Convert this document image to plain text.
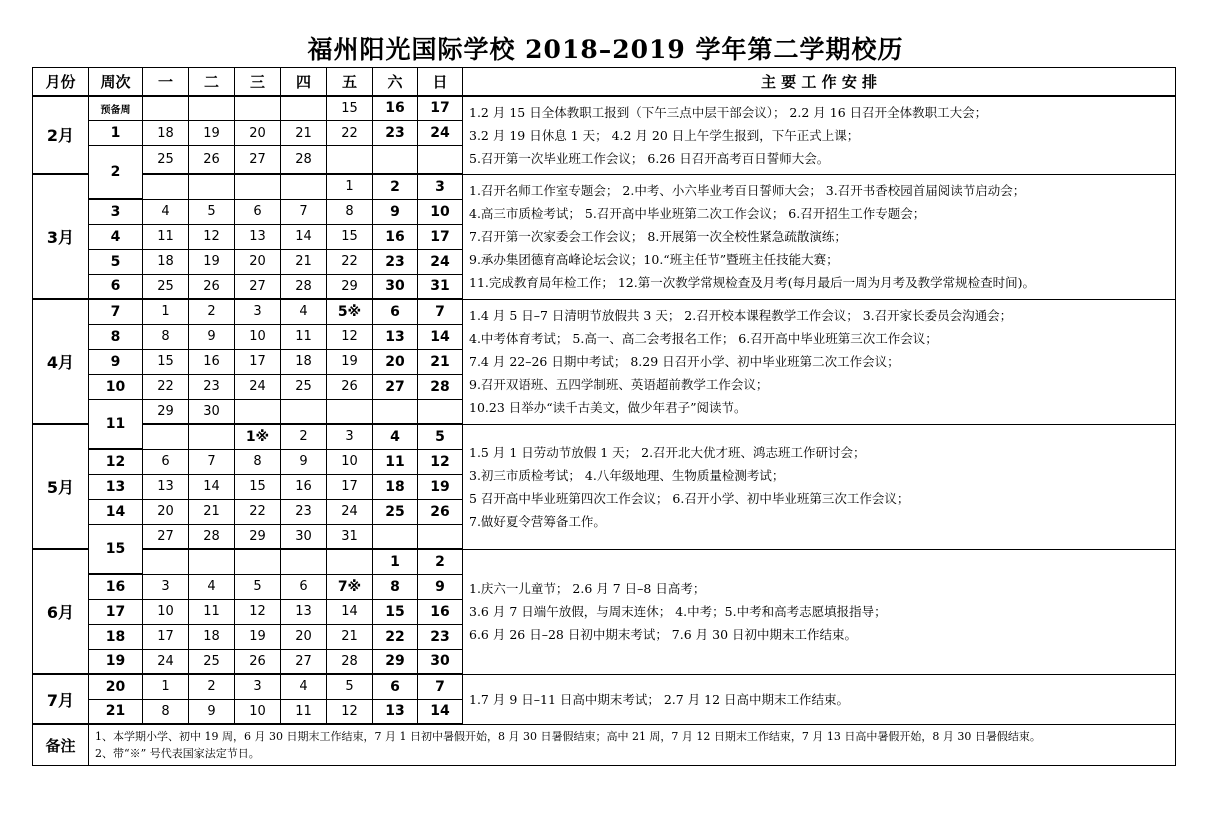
福州阳光国际学校 2018–2019 学年第二学期校历
月份	周次	一	二	三	四	五	六	日	主 要 工 作 安 排
2月	预备周					15	16	17	1.2 月 15 日全体教职工报到（下午三点中层干部会议）； 2.2 月 16 日召开全体教职工大会；
3.2 月 19 日休息 1 天； 4.2 月 20 日上午学生报到，下午正式上课；
5.召开第一次毕业班工作会议； 6.26 日召开高考百日誓师大会。

	1	18	19	20	21	22	23	24	
	2	25	26	27	28				
3月						1	2	3	1.召开名师工作室专题会； 2.中考、小六毕业考百日誓师大会； 3.召开书香校园首届阅读节启动会；
4.高三市质检考试； 5.召开高中毕业班第二次工作会议； 6.召开招生工作专题会；
7.召开第一次家委会工作会议； 8.开展第一次全校性紧急疏散演练；
9.承办集团德育高峰论坛会议；10.“班主任节”暨班主任技能大赛；
11.完成教育局年检工作； 12.第一次教学常规检查及月考(每月最后一周为月考及教学常规检查时间)。

	3	4	5	6	7	8	9	10	
	4	11	12	13	14	15	16	17	
	5	18	19	20	21	22	23	24	
	6	25	26	27	28	29	30	31	
4月	7	1	2	3	4	5※	6	7	1.4 月 5 日–7 日清明节放假共 3 天； 2.召开校本课程教学工作会议； 3.召开家长委员会沟通会；
4.中考体育考试； 5.高一、高二会考报名工作； 6.召开高中毕业班第三次工作会议；
7.4 月 22–26 日期中考试； 8.29 日召开小学、初中毕业班第二次工作会议；
9.召开双语班、五四学制班、英语超前教学工作会议；
10.23 日举办“读千古美文，做少年君子”阅读节。

	8	8	9	10	11	12	13	14	
	9	15	16	17	18	19	20	21	
	10	22	23	24	25	26	27	28	
	11	29	30						
5月				1※	2	3	4	5	1.5 月 1 日劳动节放假 1 天； 2.召开北大优才班、鸿志班工作研讨会；
3.初三市质检考试； 4.八年级地理、生物质量检测考试；
5 召开高中毕业班第四次工作会议； 6.召开小学、初中毕业班第三次工作会议；
7.做好夏令营筹备工作。

	12	6	7	8	9	10	11	12	
	13	13	14	15	16	17	18	19	
	14	20	21	22	23	24	25	26	
	15	27	28	29	30	31			
6月							1	2	1.庆六一儿童节； 2.6 月 7 日–8 日高考；
3.6 月 7 日端午放假，与周末连休； 4.中考；5.中考和高考志愿填报指导；
6.6 月 26 日–28 日初中期末考试； 7.6 月 30 日初中期末工作结束。

	16	3	4	5	6	7※	8	9	
	17	10	11	12	13	14	15	16	
	18	17	18	19	20	21	22	23	
	19	24	25	26	27	28	29	30	
7月	20	1	2	3	4	5	6	7	1.7 月 9 日–11 日高中期末考试； 2.7 月 12 日高中期末工作结束。

	21	8	9	10	11	12	13	14	
备注	1、本学期小学、初中 19 周，6 月 30 日期末工作结束，7 月 1 日初中暑假开始，8 月 30 日暑假结束；高中 21 周，7 月 12 日期末工作结束，7 月 13 日高中暑假开始，8 月 30 日暑假结束。
2、带“※” 号代表国家法定节日。								
